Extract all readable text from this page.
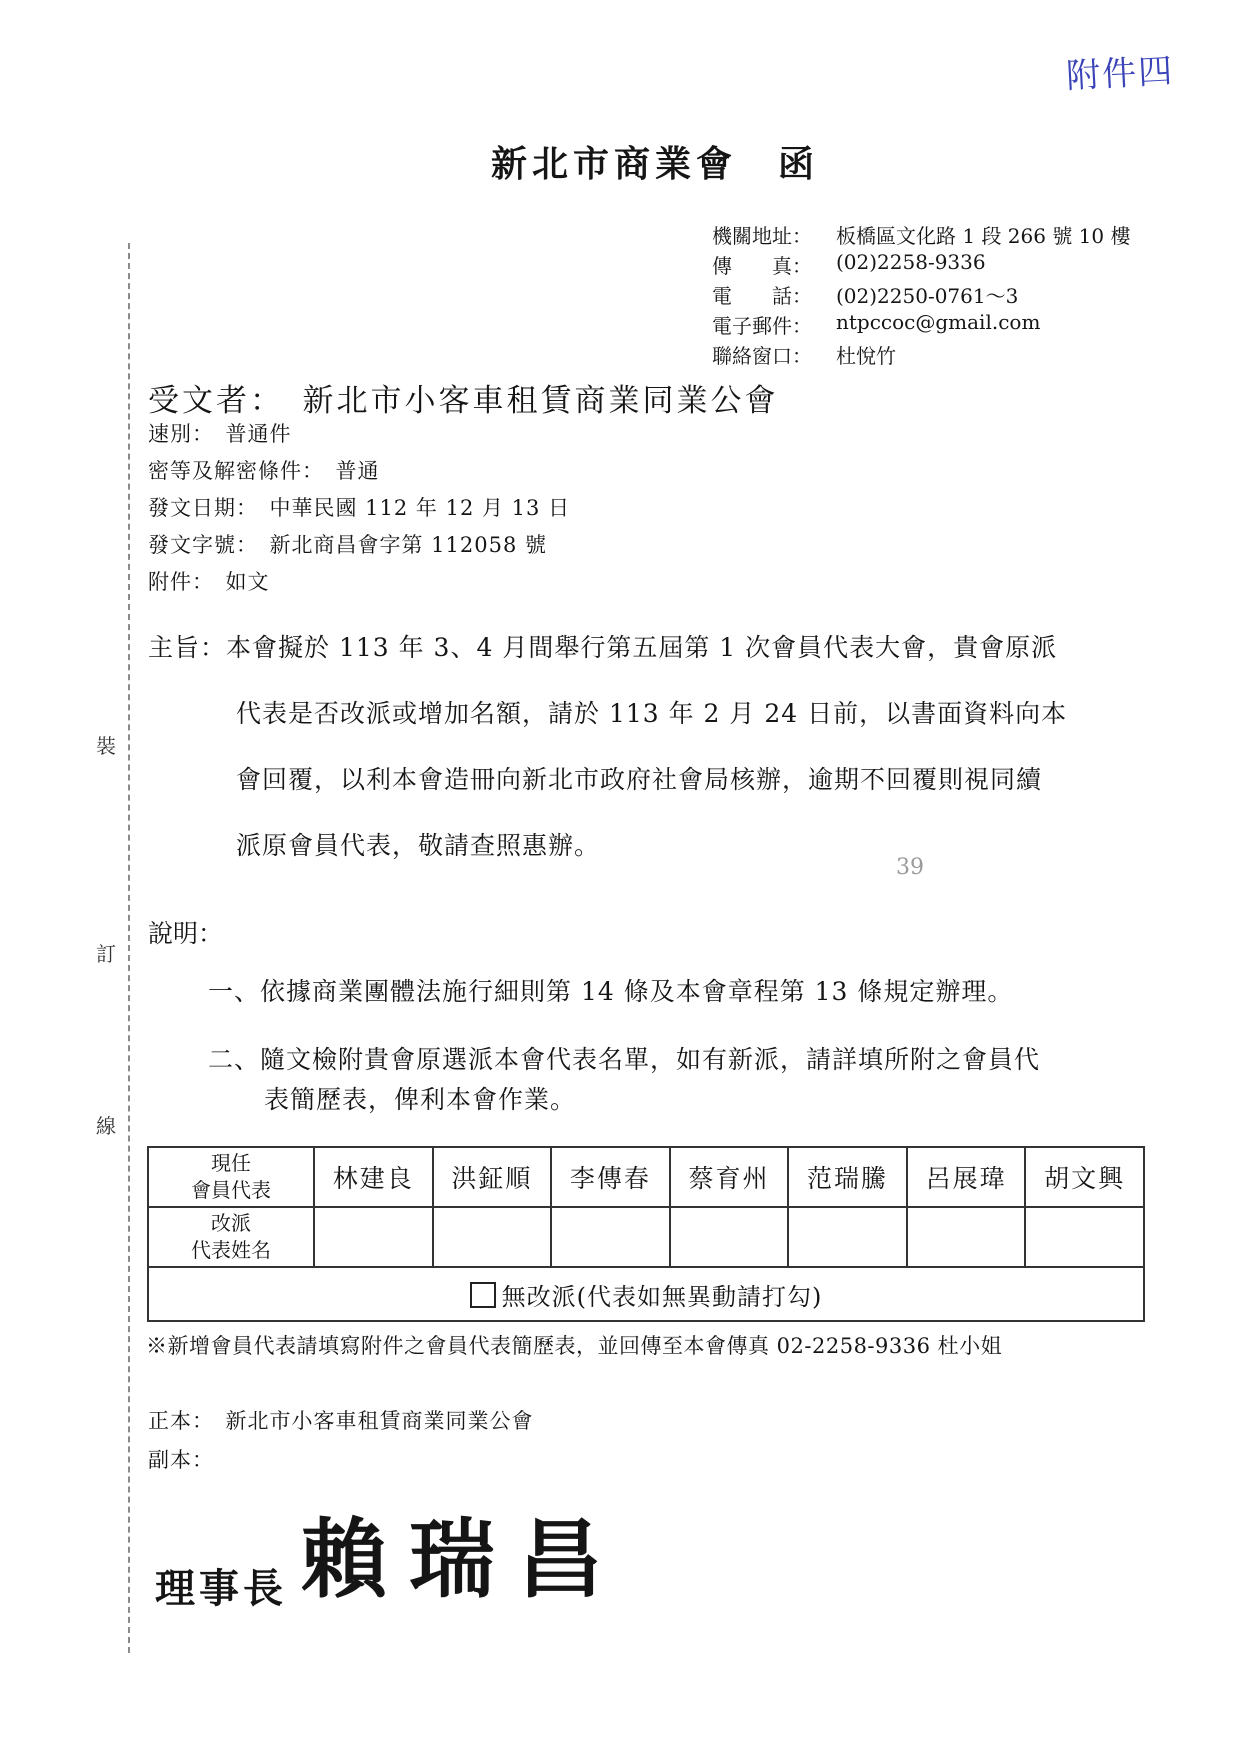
附件四
新北市商業會　函
機關地址：	板橋區文化路 1 段 266 號 10 樓
傳　　真：	(02)2258-9336
電　　話：	(02)2250-0761～3
電子郵件：	ntpccoc@gmail.com
聯絡窗口：	杜悅竹
裝
訂
線
受文者：　新北市小客車租賃商業同業公會
速別：　普通件
密等及解密條件：　普通
發文日期：　中華民國 112 年 12 月 13 日
發文字號：　新北商昌會字第 112058 號
附件：　如文
主旨：本會擬於 113 年 3、4 月間舉行第五屆第 1 次會員代表大會，貴會原派
代表是否改派或增加名額，請於 113 年 2 月 24 日前，以書面資料向本
會回覆，以利本會造冊向新北市政府社會局核辦，逾期不回覆則視同續
派原會員代表，敬請查照惠辦。
39
說明：
一、依據商業團體法施行細則第 14 條及本會章程第 13 條規定辦理。
二、隨文檢附貴會原選派本會代表名單，如有新派，請詳填所附之會員代
表簡歷表，俾利本會作業。
現任
會員代表	林建良	洪鉦順	李傳春	蔡育州	范瑞騰	呂展瑋	胡文興

改派
代表姓名							

無改派(代表如無異動請打勾)							
※新增會員代表請填寫附件之會員代表簡歷表，並回傳至本會傳真 02-2258-9336 杜小姐
正本：　新北市小客車租賃商業同業公會
副本：
理事長 賴瑞昌
